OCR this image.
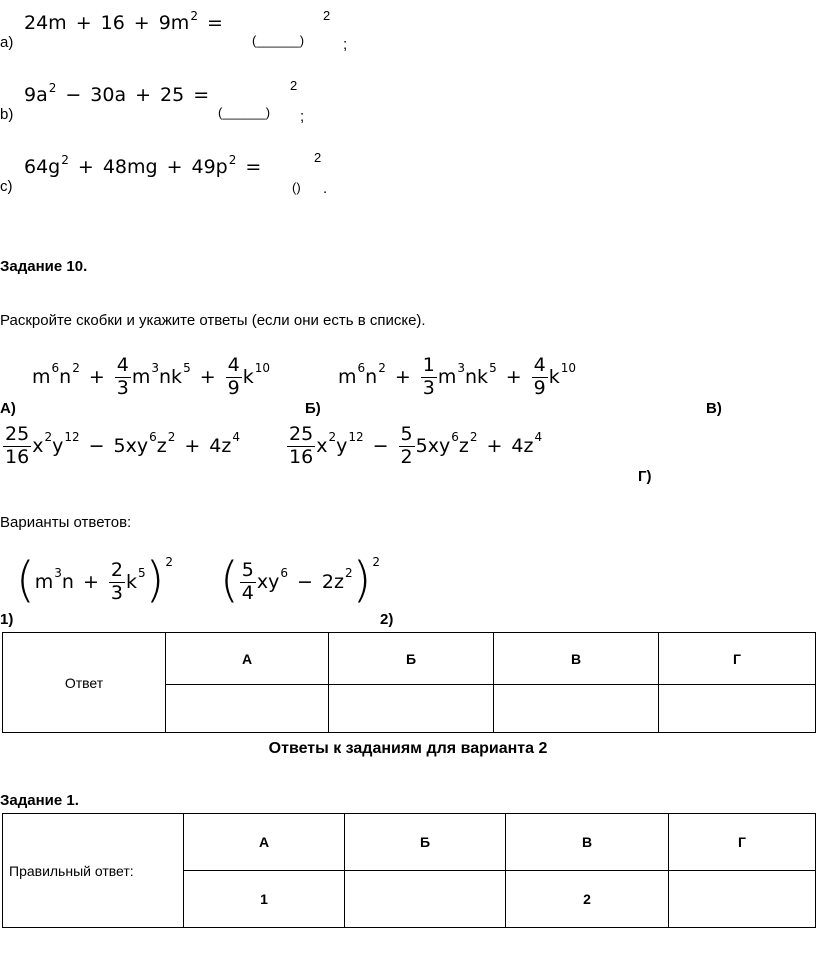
a)
$24m + 16 + 9m^2$ =
(______)
2
;
b)
$9a^2 - 30a + 25$ =
(______)
2
;
c)
$64g^2 + 48mg + 49p^2$ =
()
2
.
Задание 10.
Раскройте скобки и укажите ответы (если они есть в списке).
$m^6$ $n^2 + \frac{4}{3} m^3$ $nk^5 + \frac{4}{9} k^{10}$
А)
$m^6$ $n^2 + \frac{1}{3} m^3$ $nk^5 + \frac{4}{9} k^{10}$
Б)	В)
$\frac{25}{16} x^2$ $y^{12} - 5xy^6$ $z^2 + 4z^4 \frac{25}{16} x^2$ $y^{12} - \frac{5}{2} 5xy^6$ $z^2 + 4z^4$
Г)
Варианты ответов:
( $m^3$ $n + \frac{2}{3} k^5$ )$^2$
1)
( $\frac{5}{4} xy^6 - 2z^2$ )$^2$
2)
Ответ	А	Б	В	Г

Ответы к заданиям для варианта 2
Задание 1.
Правильный ответ:	А	Б	В	Г
	1		2	
